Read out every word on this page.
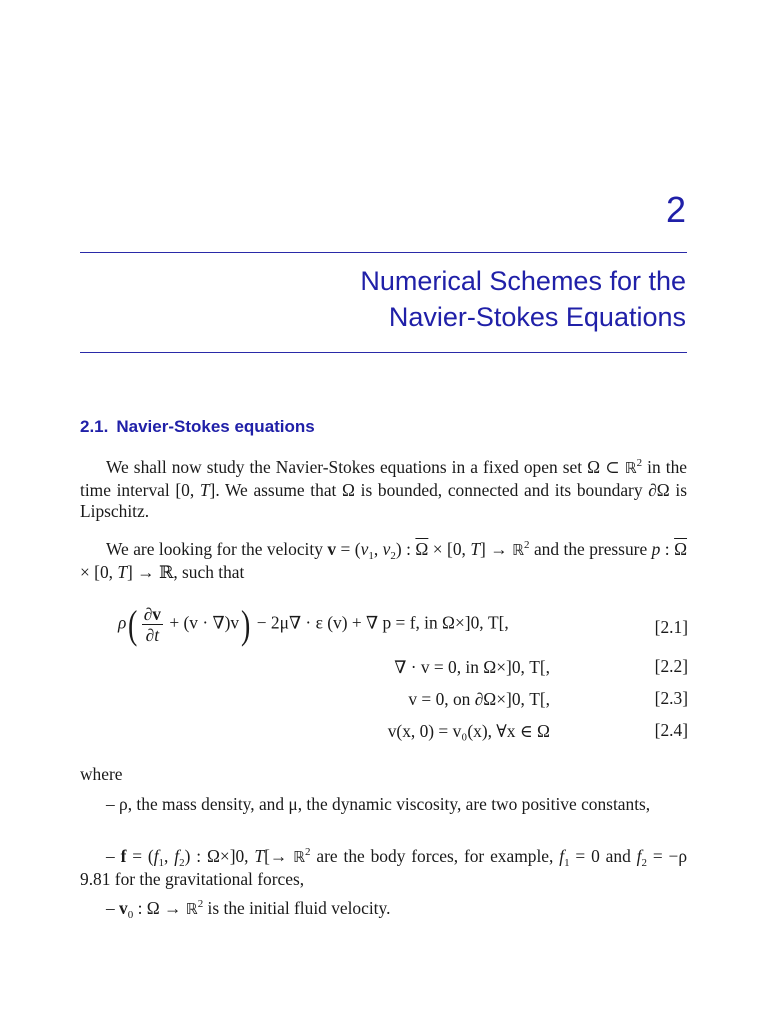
2
Numerical Schemes for the
Navier-Stokes Equations
2.1. Navier-Stokes equations

We shall now study the Navier-Stokes equations in a fixed open set Ω ⊂ ℝ$^2$ in the time interval [0, T]. We assume that Ω is bounded, connected and its boundary ∂Ω is Lipschitz.

We are looking for the velocity $v = (v_1$, $v_2$) : $\overline{\Omega} \times [0$, T] → ℝ$^2$ and the pressure p : $\overline{\Omega} \times [0$, T] → ℝ, such that

$\rho( \frac{\partial v}{\partial t} + (v \cdot \nabla)v) - 2\mu\nabla \cdot \varepsilon$ (v) + ∇ p = f, in Ω×]0, T[,	[2.1]
∇ · v = 0, in Ω×]0, T[,	[2.2]
v = 0, on ∂Ω×]0, T[,	[2.3]
v(x, 0) = v₀(x), ∀x ∈ Ω	[2.4]
where

– ρ, the mass density, and μ, the dynamic viscosity, are two positive constants,

– $f = (f_1$, $f_2$) : Ω×]0, T[→ ℝ$^2$ are the body forces, for example, $f_1 = 0$ and $f_2 = -\rho$ 9.81 for the gravitational forces,

– $v_0$ : Ω → ℝ$^2$ is the initial fluid velocity.
